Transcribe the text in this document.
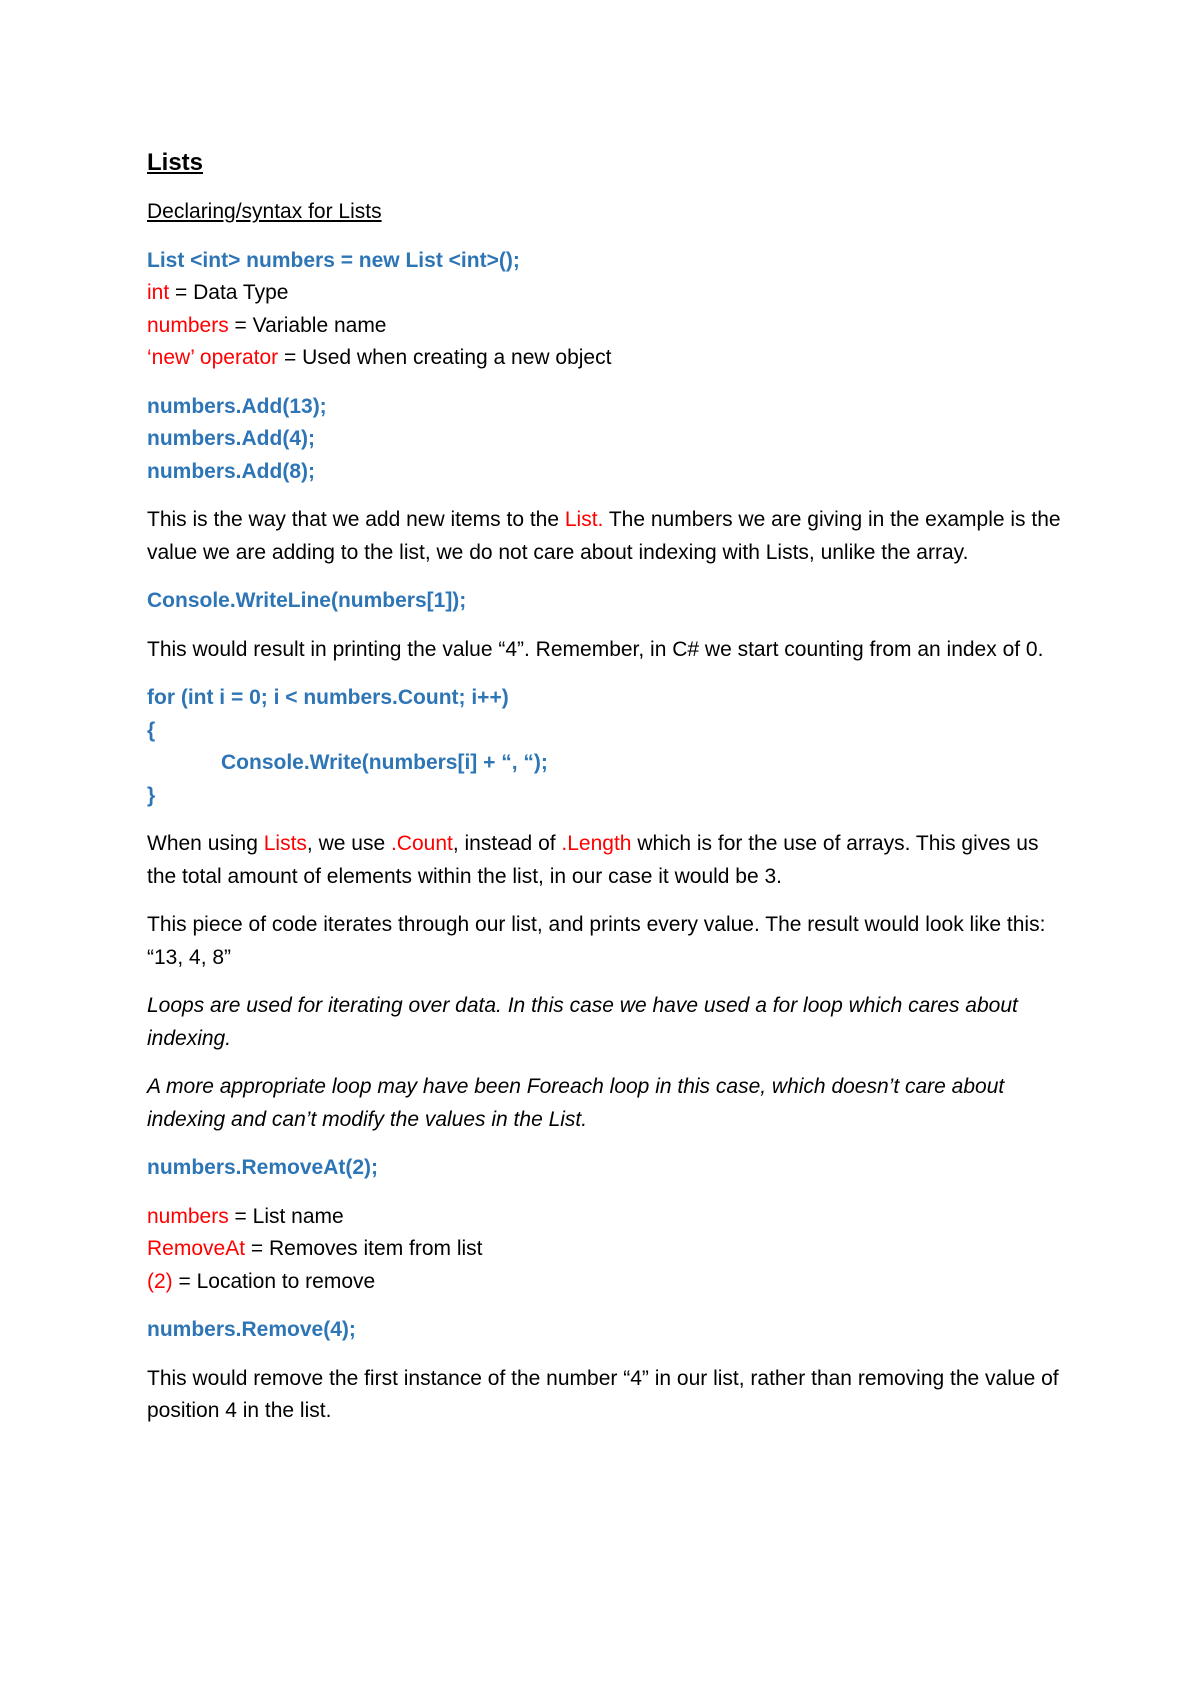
Lists
Declaring/syntax for Lists
List <int> numbers = new List <int>();
int = Data Type
numbers = Variable name
‘new’ operator = Used when creating a new object
numbers.Add(13);
numbers.Add(4);
numbers.Add(8);
This is the way that we add new items to the List. The numbers we are giving in the example is the value we are adding to the list, we do not care about indexing with Lists, unlike the array.
Console.WriteLine(numbers[1]);
This would result in printing the value “4”. Remember, in C# we start counting from an index of 0.
for (int i = 0; i < numbers.Count; i++)
{
Console.Write(numbers[i] + “, “);
}
When using Lists, we use .Count, instead of .Length which is for the use of arrays. This gives us the total amount of elements within the list, in our case it would be 3.
This piece of code iterates through our list, and prints every value. The result would look like this: “13, 4, 8”
Loops are used for iterating over data. In this case we have used a for loop which cares about indexing.
A more appropriate loop may have been Foreach loop in this case, which doesn’t care about indexing and can’t modify the values in the List.
numbers.RemoveAt(2);
numbers = List name
RemoveAt = Removes item from list
(2) = Location to remove
numbers.Remove(4);
This would remove the first instance of the number “4” in our list, rather than removing the value of position 4 in the list.
